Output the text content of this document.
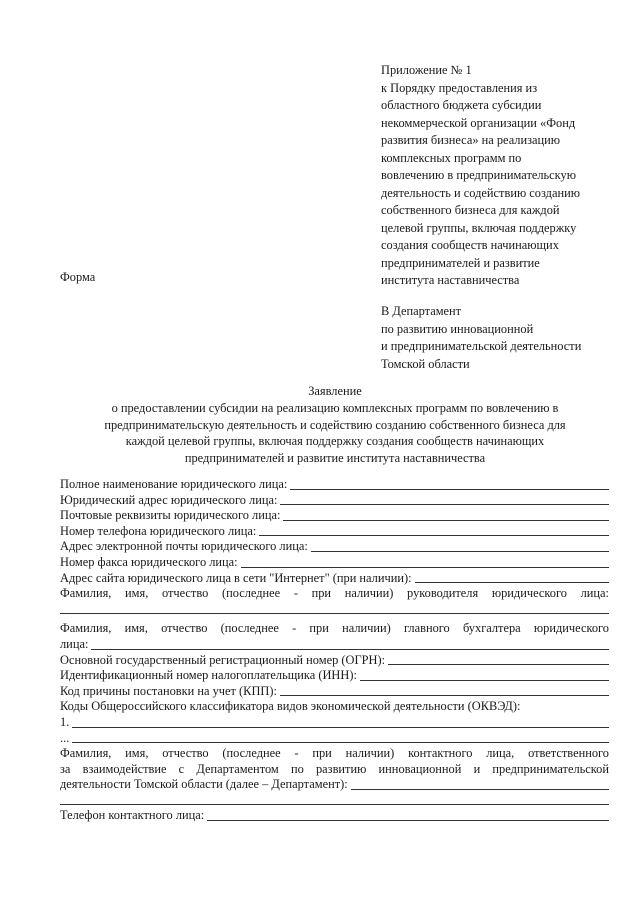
Приложение № 1
к Порядку предоставления из
областного бюджета субсидии
некоммерческой организации «Фонд
развития бизнеса» на реализацию
комплексных программ по
вовлечению в предпринимательскую
деятельность и содействию созданию
собственного бизнеса для каждой
целевой группы, включая поддержку
создания сообществ начинающих
предпринимателей и развитие
института наставничества
Форма
В Департамент
по развитию инновационной
и предпринимательской деятельности
Томской области
Заявление
о предоставлении субсидии на реализацию комплексных программ по вовлечению в
предпринимательскую деятельность и содействию созданию собственного бизнеса для
каждой целевой группы, включая поддержку создания сообществ начинающих
предпринимателей и развитие института наставничества
Полное наименование юридического лица:
Юридический адрес юридического лица:
Почтовые реквизиты юридического лица:
Номер телефона юридического лица:
Адрес электронной почты юридического лица:
Номер факса юридического лица:
Адрес сайта юридического лица в сети "Интернет" (при наличии):
Фамилия, имя, отчество (последнее - при наличии) руководителя юридического лица:
Фамилия, имя, отчество (последнее - при наличии) главного бухгалтера юридического
лица:
Основной государственный регистрационный номер (ОГРН):
Идентификационный номер налогоплательщика (ИНН):
Код причины постановки на учет (КПП):
Коды Общероссийского классификатора видов экономической деятельности (ОКВЭД):
1.
...
Фамилия, имя, отчество (последнее - при наличии) контактного лица, ответственного
за взаимодействие с Департаментом по развитию инновационной и предпринимательской
деятельности Томской области (далее – Департамент):
Телефон контактного лица:
